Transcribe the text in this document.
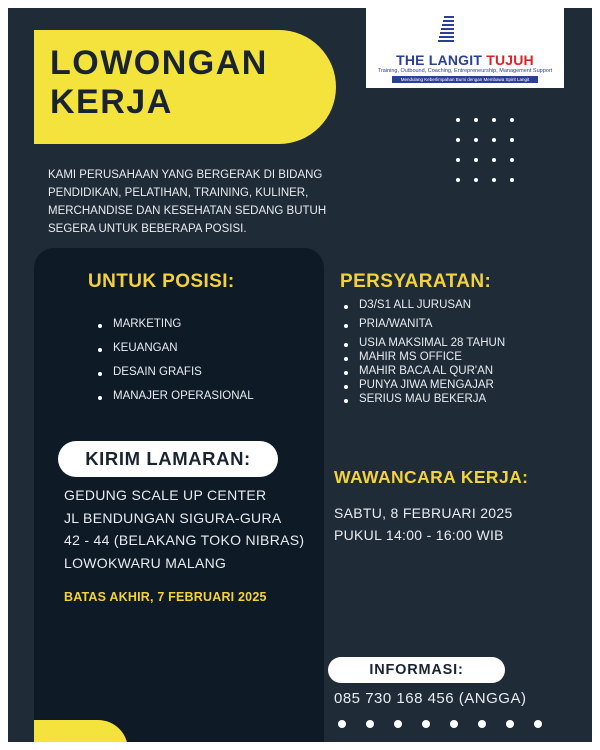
LOWONGAN
KERJA
THE LANGIT TUJUH
Training, Outbound, Coaching, Entrepreneurship, Management Support
Mendulang Keberlimpahan Bumi dengan Membawa Spirit Langit
KAMI PERUSAHAAN YANG BERGERAK DI BIDANG
PENDIDIKAN, PELATIHAN, TRAINING, KULINER,
MERCHANDISE DAN KESEHATAN SEDANG BUTUH
SEGERA UNTUK BEBERAPA POSISI.
UNTUK POSISI:
MARKETING
KEUANGAN
DESAIN GRAFIS
MANAJER OPERASIONAL
PERSYARATAN:
D3/S1 ALL JURUSAN
PRIA/WANITA
USIA MAKSIMAL 28 TAHUN
MAHIR MS OFFICE
MAHIR BACA AL QUR'AN
PUNYA JIWA MENGAJAR
SERIUS MAU BEKERJA
KIRIM LAMARAN:
GEDUNG SCALE UP CENTER
JL BENDUNGAN SIGURA-GURA
42 - 44 (BELAKANG TOKO NIBRAS)
LOWOKWARU MALANG
BATAS AKHIR, 7 FEBRUARI 2025
WAWANCARA KERJA:
SABTU, 8 FEBRUARI 2025
PUKUL 14:00 - 16:00 WIB
INFORMASI:
085 730 168 456 (ANGGA)
